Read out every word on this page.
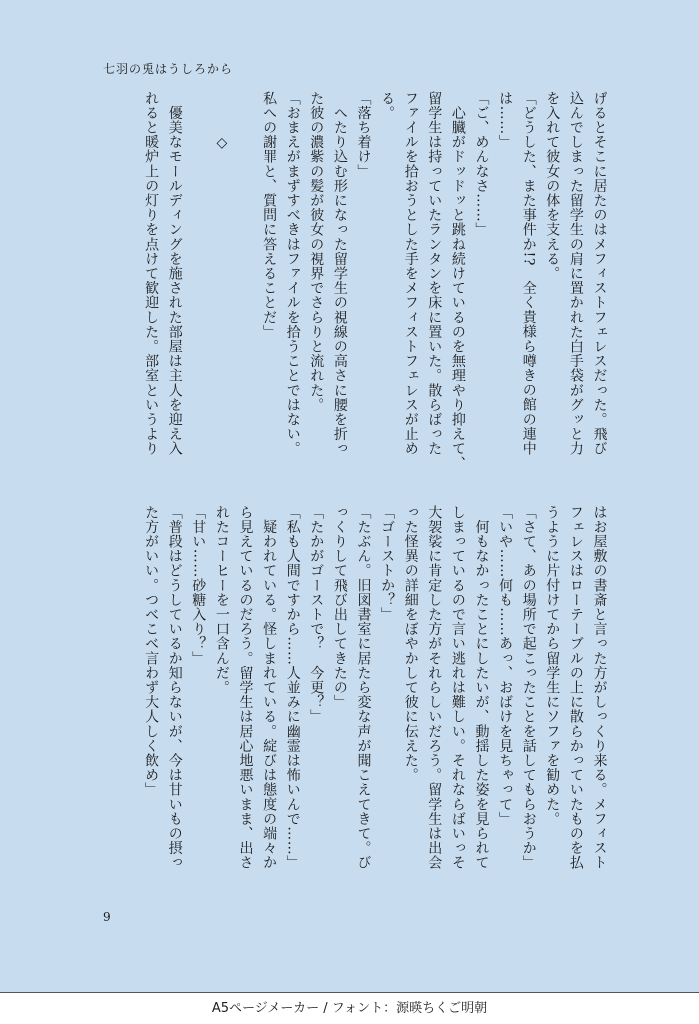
七羽の兎はうしろから
げるとそこに居たのはメフィストフェレスだった。飛び
込んでしまった留学生の肩に置かれた白手袋がグッと力
を入れて彼女の体を支える。
「どうした、また事件か!?　全く貴様ら噂きの館の連中
は……」
「ご、めんなさ……」
　心臓がドッドッと跳ね続けているのを無理やり抑えて、
留学生は持っていたランタンを床に置いた。散らばった
ファイルを拾おうとした手をメフィストフェレスが止め
る。
「落ち着け」
　へたり込む形になった留学生の視線の高さに腰を折っ
た彼の濃紫の髪が彼女の視界でさらりと流れた。
「おまえがまずすべきはファイルを拾うことではない。
私への謝罪と、質問に答えることだ」
　　　◇
　優美なモールディングを施された部屋は主人を迎え入
れると暖炉上の灯りを点けて歓迎した。部室というより
はお屋敷の書斎と言った方がしっくり来る。メフィスト
フェレスはローテーブルの上に散らかっていたものを払
うように片付けてから留学生にソファを勧めた。
「さて、あの場所で起こったことを話してもらおうか」
「いや……何も……あっ、おばけを見ちゃって」
　何もなかったことにしたいが、動揺した姿を見られて
しまっているので言い逃れは難しい。それならばいっそ
大袈裟に肯定した方がそれらしいだろう。留学生は出会
った怪異の詳細をぼやかして彼に伝えた。
「ゴーストか？」
「たぶん。旧図書室に居たら変な声が聞こえてきて。び
っくりして飛び出してきたの」
「たかがゴーストで？　今更？」
「私も人間ですから……人並みに幽霊は怖いんで……」
　疑われている。怪しまれている。綻びは態度の端々か
ら見えているのだろう。留学生は居心地悪いまま、出さ
れたコーヒーを一口含んだ。
「甘い……砂糖入り？」
「普段はどうしているか知らないが、今は甘いもの摂っ
た方がいい。つべこべ言わず大人しく飲め」
9
A5ページメーカー / フォント：源暎ちくご明朝
